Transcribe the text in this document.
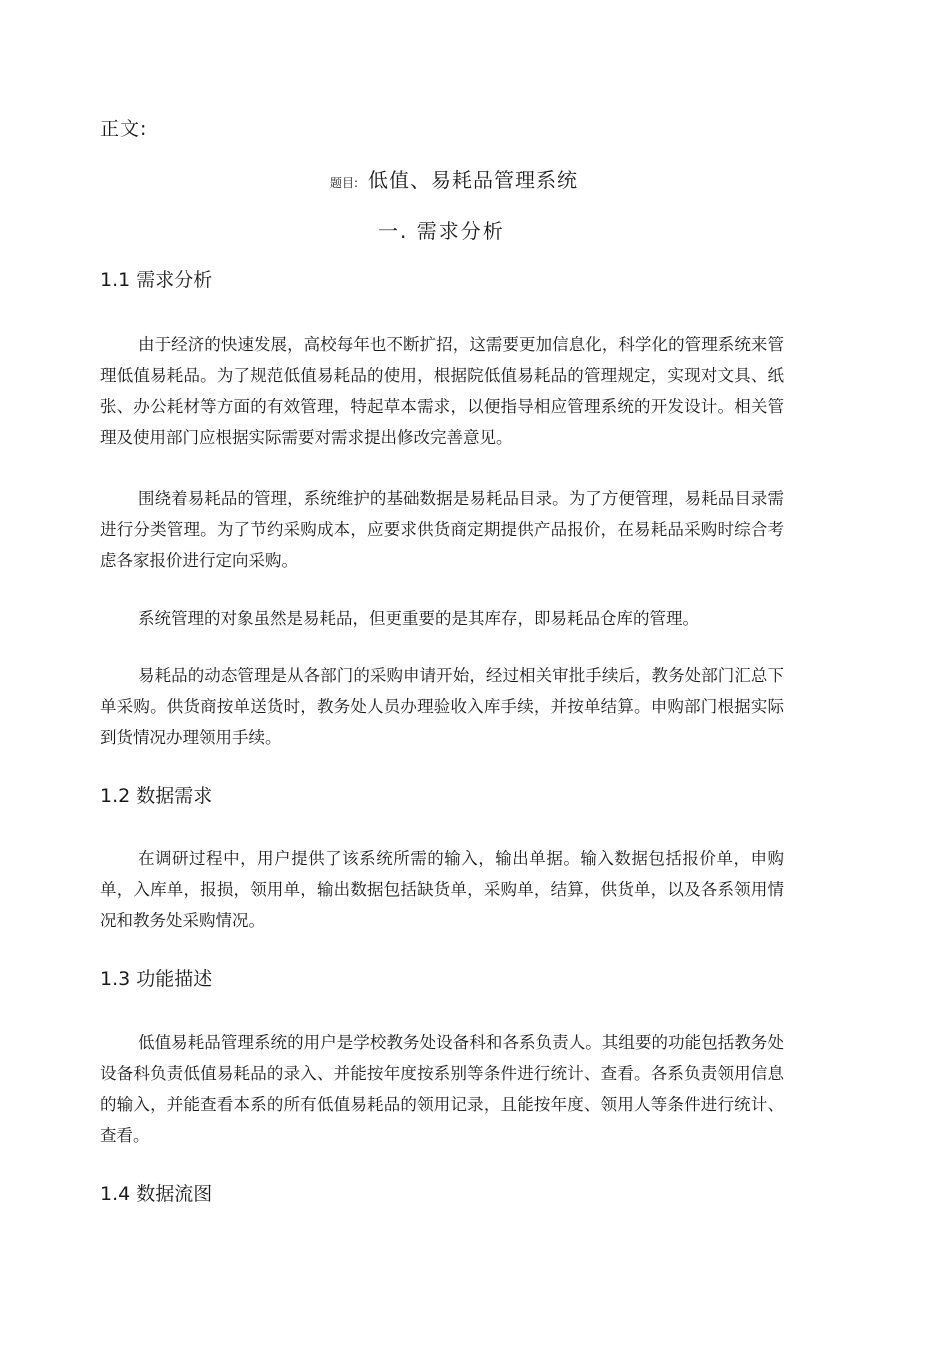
正文:
题目: 低值、易耗品管理系统
一. 需求分析
1.1 需求分析

由于经济的快速发展，高校每年也不断扩招，这需要更加信息化，科学化的管理系统来管理低值易耗品。为了规范低值易耗品的使用，根据院低值易耗品的管理规定，实现对文具、纸张、办公耗材等方面的有效管理，特起草本需求，以便指导相应管理系统的开发设计。相关管理及使用部门应根据实际需要对需求提出修改完善意见。

围绕着易耗品的管理，系统维护的基础数据是易耗品目录。为了方便管理，易耗品目录需进行分类管理。为了节约采购成本，应要求供货商定期提供产品报价，在易耗品采购时综合考虑各家报价进行定向采购。

系统管理的对象虽然是易耗品，但更重要的是其库存，即易耗品仓库的管理。

易耗品的动态管理是从各部门的采购申请开始，经过相关审批手续后，教务处部门汇总下单采购。供货商按单送货时，教务处人员办理验收入库手续，并按单结算。申购部门根据实际到货情况办理领用手续。

1.2 数据需求

在调研过程中，用户提供了该系统所需的输入，输出单据。输入数据包括报价单，申购单，入库单，报损，领用单，输出数据包括缺货单，采购单，结算，供货单，以及各系领用情况和教务处采购情况。

1.3 功能描述

低值易耗品管理系统的用户是学校教务处设备科和各系负责人。其组要的功能包括教务处设备科负责低值易耗品的录入、并能按年度按系别等条件进行统计、查看。各系负责领用信息的输入，并能查看本系的所有低值易耗品的领用记录，且能按年度、领用人等条件进行统计、查看。

1.4 数据流图
